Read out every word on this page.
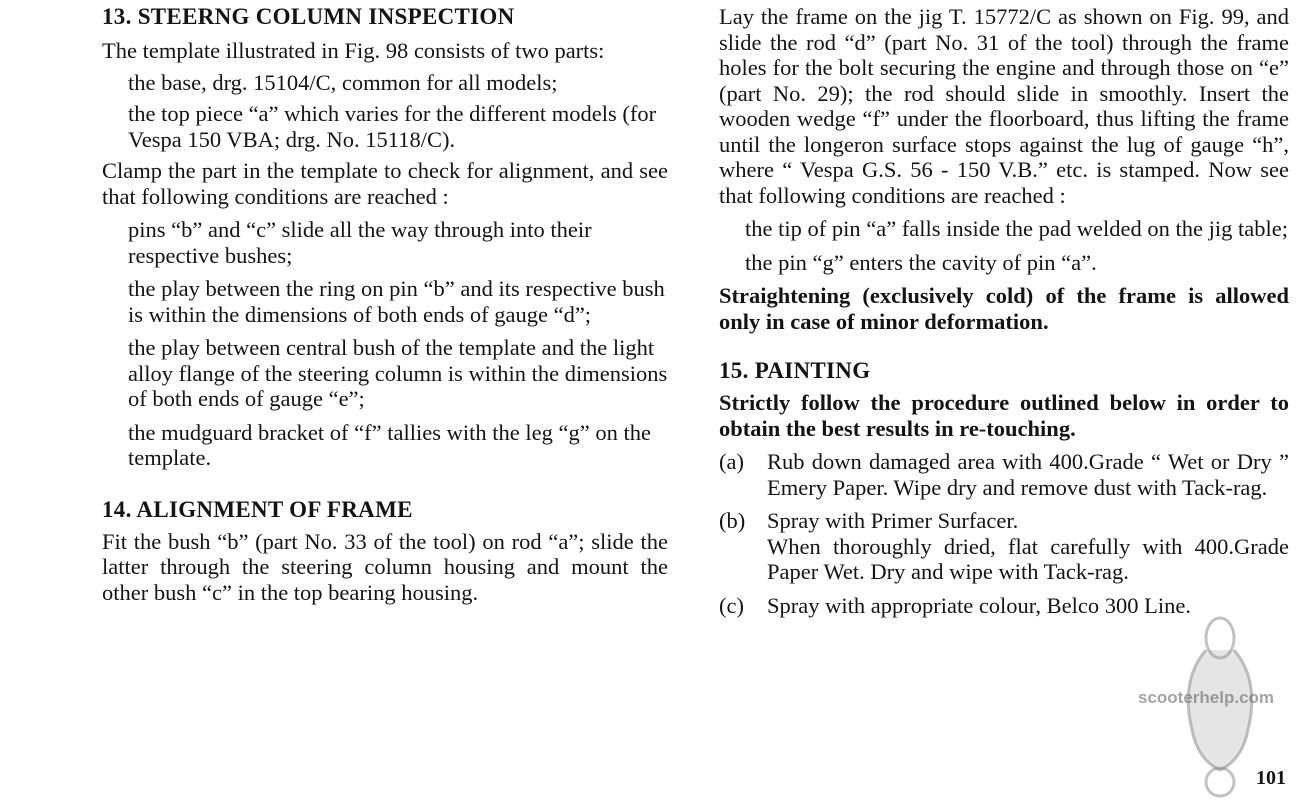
13. STEERNG COLUMN INSPECTION

The template illustrated in Fig. 98 consists of two parts:

the base, drg. 15104/C, common for all models;

the top piece “a” which varies for the different models (for Vespa 150 VBA; drg. No. 15118/C).

Clamp the part in the template to check for alignment, and see that following conditions are reached :

pins “b” and “c” slide all the way through into their respective bushes;

the play between the ring on pin “b” and its respective bush is within the dimensions of both ends of gauge “d”;

the play between central bush of the template and the light alloy flange of the steering column is within the dimensions of both ends of gauge “e”;

the mudguard bracket of “f” tallies with the leg “g” on the template.

14. ALIGNMENT OF FRAME

Fit the bush “b” (part No. 33 of the tool) on rod “a”; slide the latter through the steering column housing and mount the other bush “c” in the top bearing housing.

Lay the frame on the jig T. 15772/C as shown on Fig. 99, and slide the rod “d” (part No. 31 of the tool) through the frame holes for the bolt securing the engine and through those on “e” (part No. 29); the rod should slide in smoothly. Insert the wooden wedge “f” under the floorboard, thus lifting the frame until the longeron surface stops against the lug of gauge “h”, where “ Vespa G.S. 56 - 150 V.B.” etc. is stamped. Now see that following conditions are reached :

the tip of pin “a” falls inside the pad welded on the jig table;

the pin “g” enters the cavity of pin “a”.

Straightening (exclusively cold) of the frame is allowed only in case of minor deformation.

15. PAINTING

Strictly follow the procedure outlined below in order to obtain the best results in re-touching.

(a)	Rub down damaged area with 400.Grade “ Wet or Dry ” Emery Paper. Wipe dry and remove dust with Tack-rag.
(b) Spray with Primer Surfacer.

When thoroughly dried, flat carefully with 400.Grade Paper Wet. Dry and wipe with Tack-rag.

(c)	Spray with appropriate colour, Belco 300 Line.
scooterhelp.com
101
